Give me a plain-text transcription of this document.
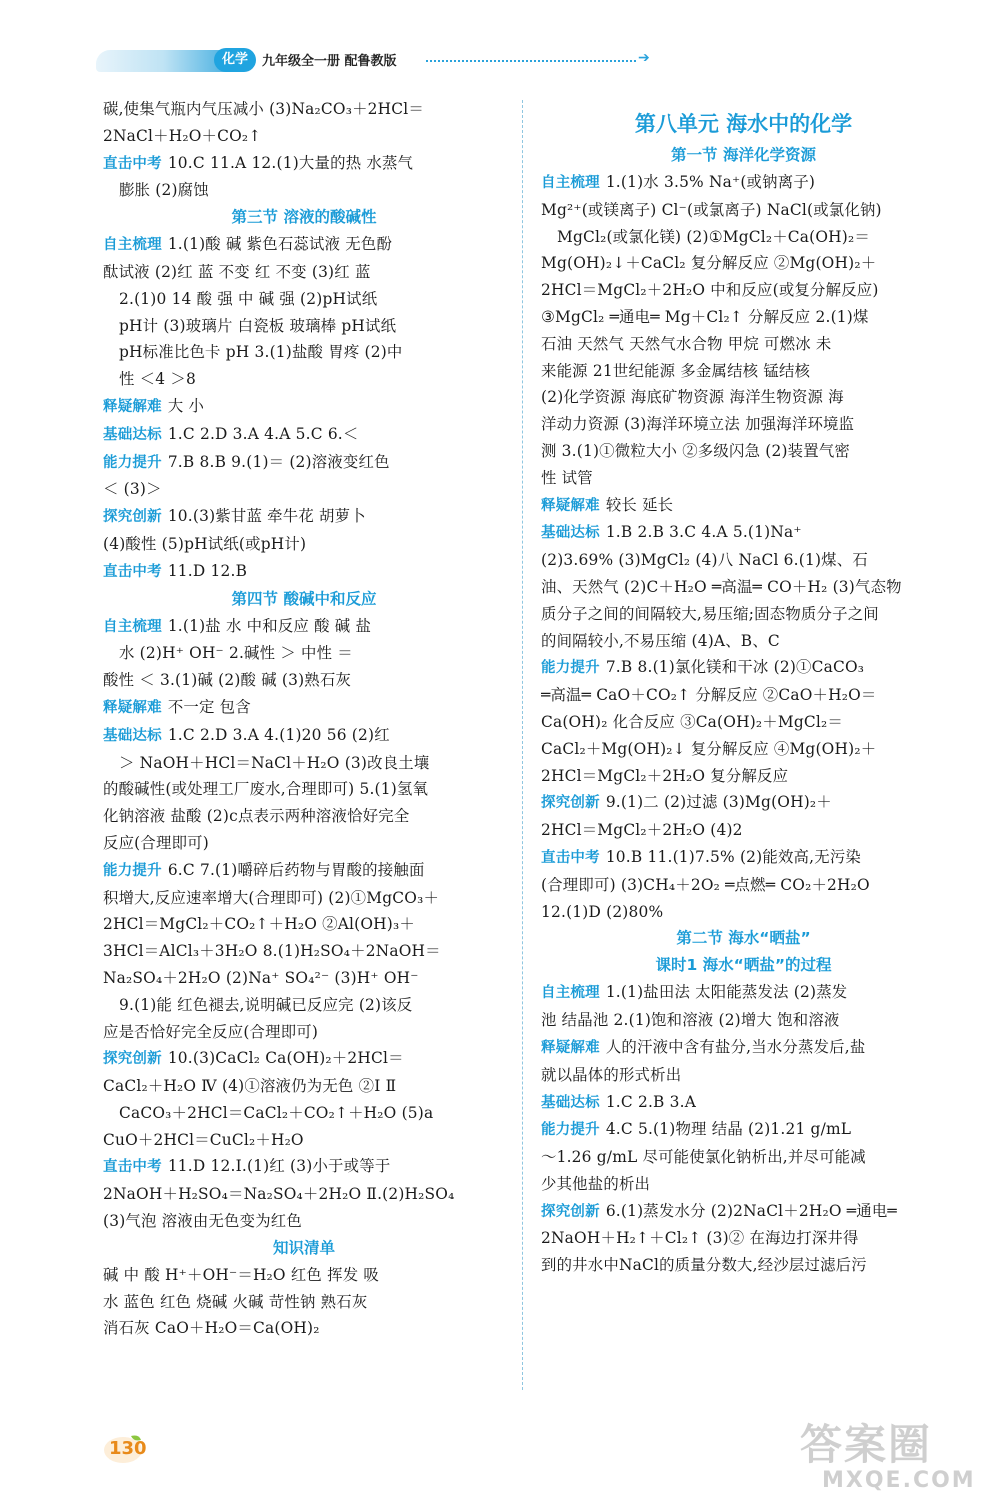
化学	九年级全一册 配鲁教版	➔
碳,使集气瓶内气压减小 (3)Na₂CO₃＋2HCl＝
2NaCl＋H₂O＋CO₂↑
直击中考 10.C 11.A 12.(1)大量的热 水蒸气
膨胀 (2)腐蚀
第三节 溶液的酸碱性
自主梳理 1.(1)酸 碱 紫色石蕊试液 无色酚
酞试液 (2)红 蓝 不变 红 不变 (3)红 蓝
2.(1)0 14 酸 强 中 碱 强 (2)pH试纸
pH计 (3)玻璃片 白瓷板 玻璃棒 pH试纸
pH标准比色卡 pH 3.(1)盐酸 胃疼 (2)中
性 ＜4 ＞8
释疑解难 大 小
基础达标 1.C 2.D 3.A 4.A 5.C 6.＜
能力提升 7.B 8.B 9.(1)＝ (2)溶液变红色
＜ (3)＞
探究创新 10.(3)紫甘蓝 牵牛花 胡萝卜
(4)酸性 (5)pH试纸(或pH计)
直击中考 11.D 12.B
第四节 酸碱中和反应
自主梳理 1.(1)盐 水 中和反应 酸 碱 盐
水 (2)H⁺ OH⁻ 2.碱性 ＞ 中性 ＝
酸性 ＜ 3.(1)碱 (2)酸 碱 (3)熟石灰
释疑解难 不一定 包含
基础达标 1.C 2.D 3.A 4.(1)20 56 (2)红
＞ NaOH＋HCl＝NaCl＋H₂O (3)改良土壤
的酸碱性(或处理工厂废水,合理即可) 5.(1)氢氧
化钠溶液 盐酸 (2)c点表示两种溶液恰好完全
反应(合理即可)
能力提升 6.C 7.(1)嚼碎后药物与胃酸的接触面
积增大,反应速率增大(合理即可) (2)①MgCO₃＋
2HCl＝MgCl₂＋CO₂↑＋H₂O ②Al(OH)₃＋
3HCl＝AlCl₃＋3H₂O 8.(1)H₂SO₄＋2NaOH＝
Na₂SO₄＋2H₂O (2)Na⁺ SO₄²⁻ (3)H⁺ OH⁻
9.(1)能 红色褪去,说明碱已反应完 (2)该反
应是否恰好完全反应(合理即可)
探究创新 10.(3)CaCl₂ Ca(OH)₂＋2HCl＝
CaCl₂＋H₂O Ⅳ (4)①溶液仍为无色 ②Ⅰ Ⅱ
CaCO₃＋2HCl＝CaCl₂＋CO₂↑＋H₂O (5)a
CuO＋2HCl＝CuCl₂＋H₂O
直击中考 11.D 12.Ⅰ.(1)红 (3)小于或等于
2NaOH＋H₂SO₄＝Na₂SO₄＋2H₂O Ⅱ.(2)H₂SO₄
(3)气泡 溶液由无色变为红色
知识清单
碱 中 酸 H⁺＋OH⁻＝H₂O 红色 挥发 吸
水 蓝色 红色 烧碱 火碱 苛性钠 熟石灰
消石灰 CaO＋H₂O＝Ca(OH)₂
第八单元 海水中的化学
第一节 海洋化学资源
自主梳理 1.(1)水 3.5% Na⁺(或钠离子)
Mg²⁺(或镁离子) Cl⁻(或氯离子) NaCl(或氯化钠)
MgCl₂(或氯化镁) (2)①MgCl₂＋Ca(OH)₂＝
Mg(OH)₂↓＋CaCl₂ 复分解反应 ②Mg(OH)₂＋
2HCl＝MgCl₂＋2H₂O 中和反应(或复分解反应)
③MgCl₂ ═通电═ Mg＋Cl₂↑ 分解反应 2.(1)煤
石油 天然气 天然气水合物 甲烷 可燃冰 未
来能源 21世纪能源 多金属结核 锰结核
(2)化学资源 海底矿物资源 海洋生物资源 海
洋动力资源 (3)海洋环境立法 加强海洋环境监
测 3.(1)①微粒大小 ②多级闪急 (2)装置气密
性 试管
释疑解难 较长 延长
基础达标 1.B 2.B 3.C 4.A 5.(1)Na⁺
(2)3.69% (3)MgCl₂ (4)八 NaCl 6.(1)煤、石
油、天然气 (2)C＋H₂O ═高温═ CO＋H₂ (3)气态物
质分子之间的间隔较大,易压缩;固态物质分子之间
的间隔较小,不易压缩 (4)A、B、C
能力提升 7.B 8.(1)氯化镁和干冰 (2)①CaCO₃
═高温═ CaO＋CO₂↑ 分解反应 ②CaO＋H₂O＝
Ca(OH)₂ 化合反应 ③Ca(OH)₂＋MgCl₂＝
CaCl₂＋Mg(OH)₂↓ 复分解反应 ④Mg(OH)₂＋
2HCl＝MgCl₂＋2H₂O 复分解反应
探究创新 9.(1)二 (2)过滤 (3)Mg(OH)₂＋
2HCl＝MgCl₂＋2H₂O (4)2
直击中考 10.B 11.(1)7.5% (2)能效高,无污染
(合理即可) (3)CH₄＋2O₂ ═点燃═ CO₂＋2H₂O
12.(1)D (2)80%
第二节 海水“晒盐”
课时1 海水“晒盐”的过程
自主梳理 1.(1)盐田法 太阳能蒸发法 (2)蒸发
池 结晶池 2.(1)饱和溶液 (2)增大 饱和溶液
释疑解难 人的汗液中含有盐分,当水分蒸发后,盐
就以晶体的形式析出
基础达标 1.C 2.B 3.A
能力提升 4.C 5.(1)物理 结晶 (2)1.21 g/mL
～1.26 g/mL 尽可能使氯化钠析出,并尽可能减
少其他盐的析出
探究创新 6.(1)蒸发水分 (2)2NaCl＋2H₂O ═通电═
2NaOH＋H₂↑＋Cl₂↑ (3)② 在海边打深井得
到的井水中NaCl的质量分数大,经沙层过滤后污
130	答案圈
MXQE.COM
